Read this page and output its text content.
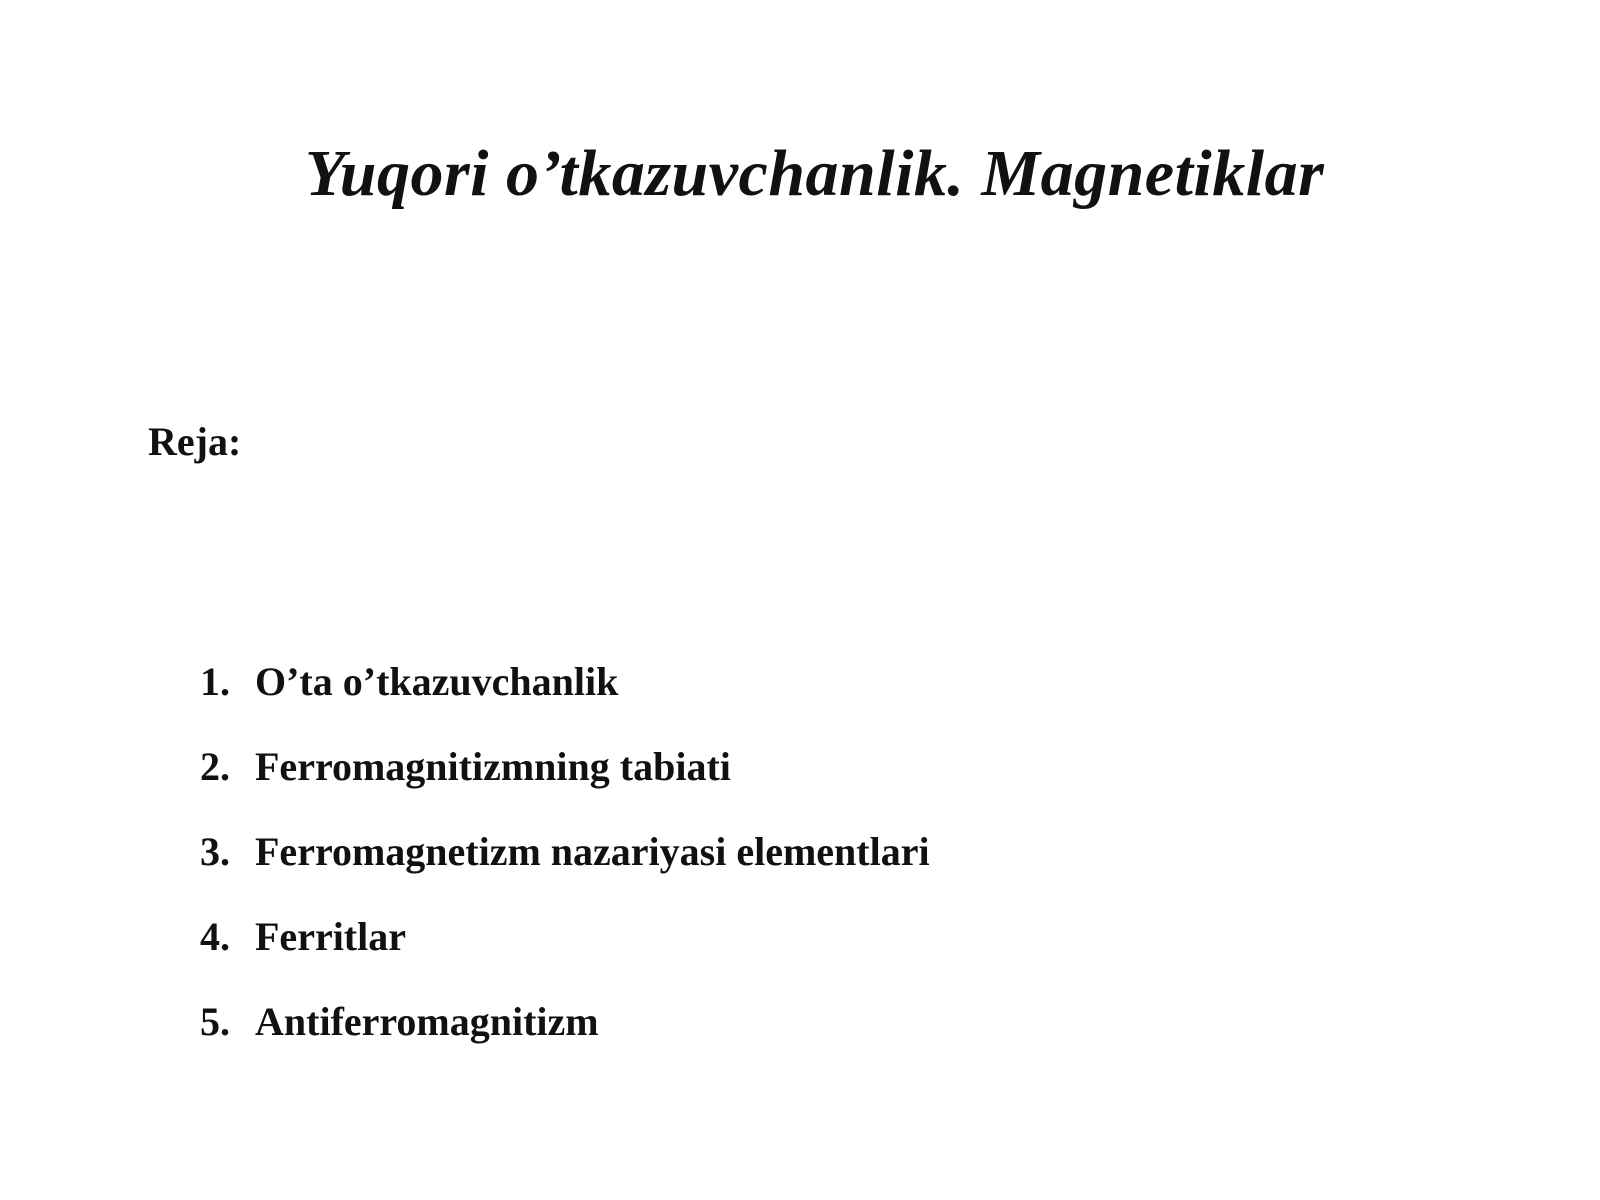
Yuqori o’tkazuvchanlik. Magnetiklar

Reja:

1. O’ta o’tkazuvchanlik
2. Ferromagnitizmning tabiati
3. Ferromagnetizm nazariyasi elementlari
4. Ferritlar
5. Antiferromagnitizm
